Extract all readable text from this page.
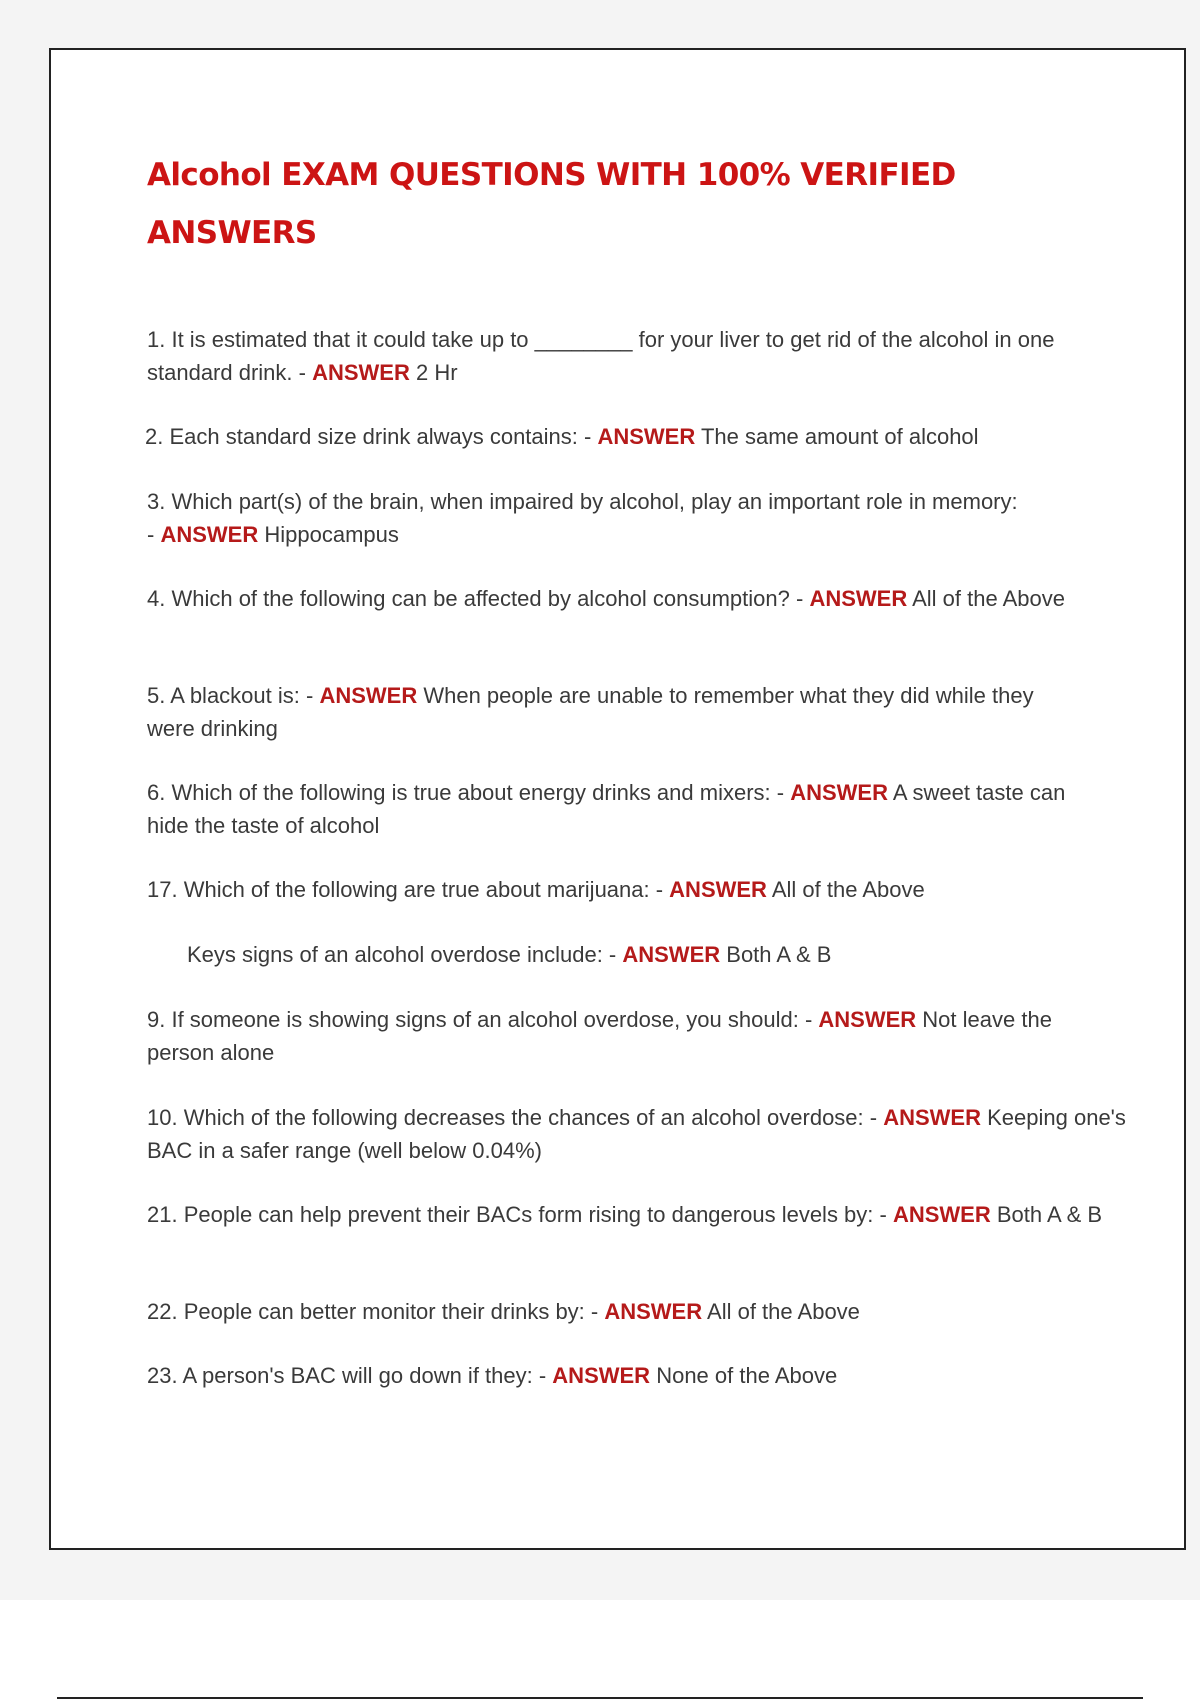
Alcohol EXAM QUESTIONS WITH 100% VERIFIED ANSWERS
1. It is estimated that it could take up to ________ for your liver to get rid of the alcohol in one standard drink. - ANSWER 2 Hr
2. Each standard size drink always contains: - ANSWER The same amount of alcohol
3. Which part(s) of the brain, when impaired by alcohol, play an important role in memory: - ANSWER Hippocampus
4. Which of the following can be affected by alcohol consumption? - ANSWER All of the Above
5. A blackout is: - ANSWER When people are unable to remember what they did while they were drinking
6. Which of the following is true about energy drinks and mixers: - ANSWER A sweet taste can hide the taste of alcohol
17. Which of the following are true about marijuana: - ANSWER All of the Above
Keys signs of an alcohol overdose include: - ANSWER Both A & B
9. If someone is showing signs of an alcohol overdose, you should: - ANSWER Not leave the person alone
10. Which of the following decreases the chances of an alcohol overdose: - ANSWER Keeping one's BAC in a safer range (well below 0.04%)
21. People can help prevent their BACs form rising to dangerous levels by: - ANSWER Both A & B
22. People can better monitor their drinks by: - ANSWER All of the Above
23. A person's BAC will go down if they: - ANSWER None of the Above
